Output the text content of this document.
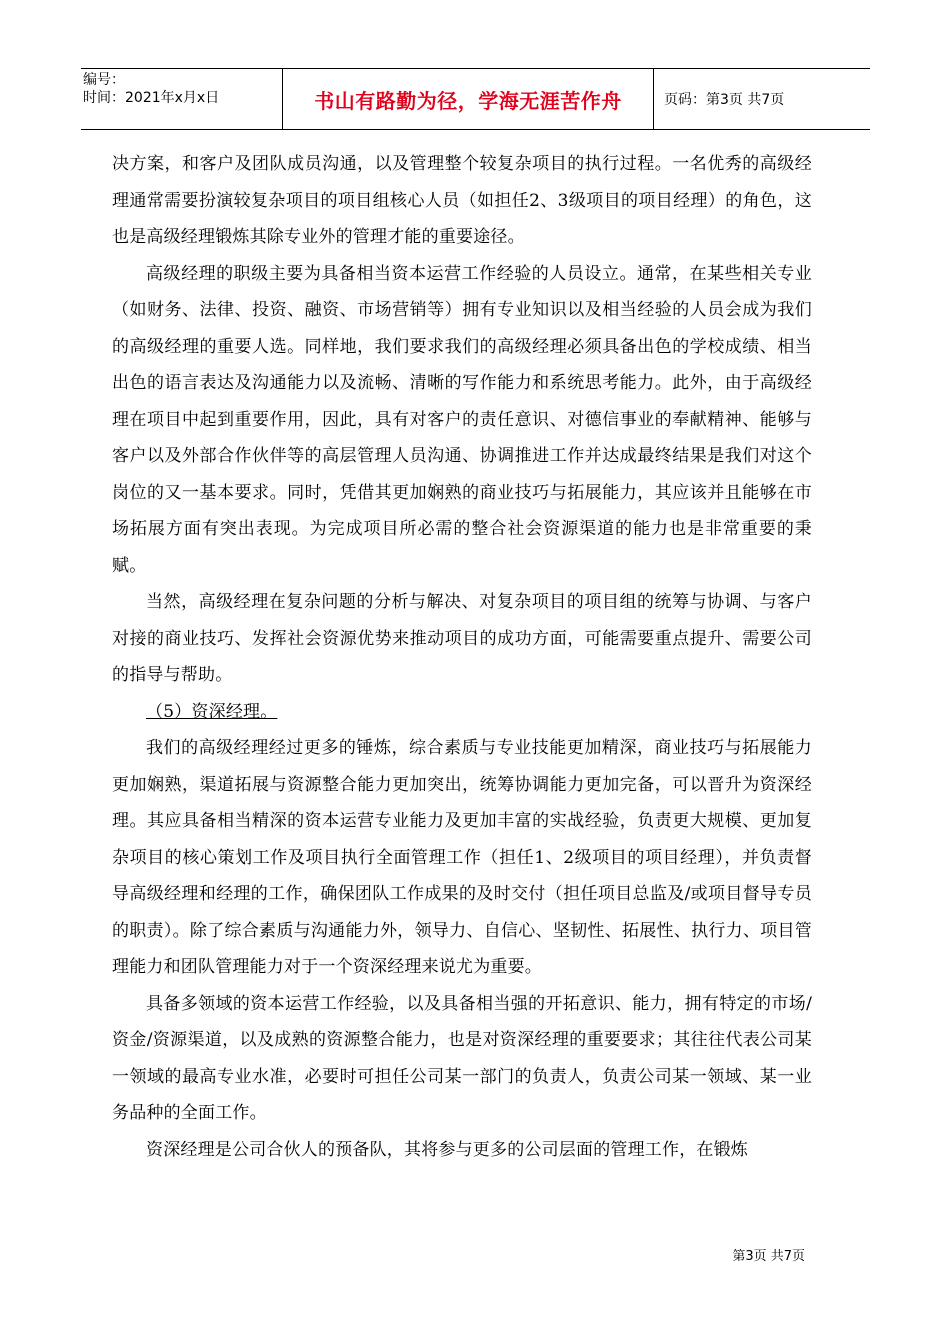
编号：
时间：2021年x月x日	书山有路勤为径，学海无涯苦作舟	页码：第3页 共7页

决方案，和客户及团队成员沟通，以及管理整个较复杂项目的执行过程。一名优秀的高级经理通常需要扮演较复杂项目的项目组核心人员（如担任2、3级项目的项目经理）的角色，这也是高级经理锻炼其除专业外的管理才能的重要途径。

高级经理的职级主要为具备相当资本运营工作经验的人员设立。通常，在某些相关专业（如财务、法律、投资、融资、市场营销等）拥有专业知识以及相当经验的人员会成为我们的高级经理的重要人选。同样地，我们要求我们的高级经理必须具备出色的学校成绩、相当出色的语言表达及沟通能力以及流畅、清晰的写作能力和系统思考能力。此外，由于高级经理在项目中起到重要作用，因此，具有对客户的责任意识、对德信事业的奉献精神、能够与客户以及外部合作伙伴等的高层管理人员沟通、协调推进工作并达成最终结果是我们对这个岗位的又一基本要求。同时，凭借其更加娴熟的商业技巧与拓展能力，其应该并且能够在市场拓展方面有突出表现。为完成项目所必需的整合社会资源渠道的能力也是非常重要的秉赋。

当然，高级经理在复杂问题的分析与解决、对复杂项目的项目组的统筹与协调、与客户对接的商业技巧、发挥社会资源优势来推动项目的成功方面，可能需要重点提升、需要公司的指导与帮助。

（5）资深经理。

我们的高级经理经过更多的锤炼，综合素质与专业技能更加精深，商业技巧与拓展能力更加娴熟，渠道拓展与资源整合能力更加突出，统筹协调能力更加完备，可以晋升为资深经理。其应具备相当精深的资本运营专业能力及更加丰富的实战经验，负责更大规模、更加复杂项目的核心策划工作及项目执行全面管理工作（担任1、2级项目的项目经理），并负责督导高级经理和经理的工作，确保团队工作成果的及时交付（担任项目总监及/或项目督导专员的职责）。除了综合素质与沟通能力外，领导力、自信心、坚韧性、拓展性、执行力、项目管理能力和团队管理能力对于一个资深经理来说尤为重要。

具备多领域的资本运营工作经验，以及具备相当强的开拓意识、能力，拥有特定的市场/资金/资源渠道，以及成熟的资源整合能力，也是对资深经理的重要要求；其往往代表公司某一领域的最高专业水准，必要时可担任公司某一部门的负责人，负责公司某一领域、某一业务品种的全面工作。

资深经理是公司合伙人的预备队，其将参与更多的公司层面的管理工作，在锻炼

第3页 共7页
